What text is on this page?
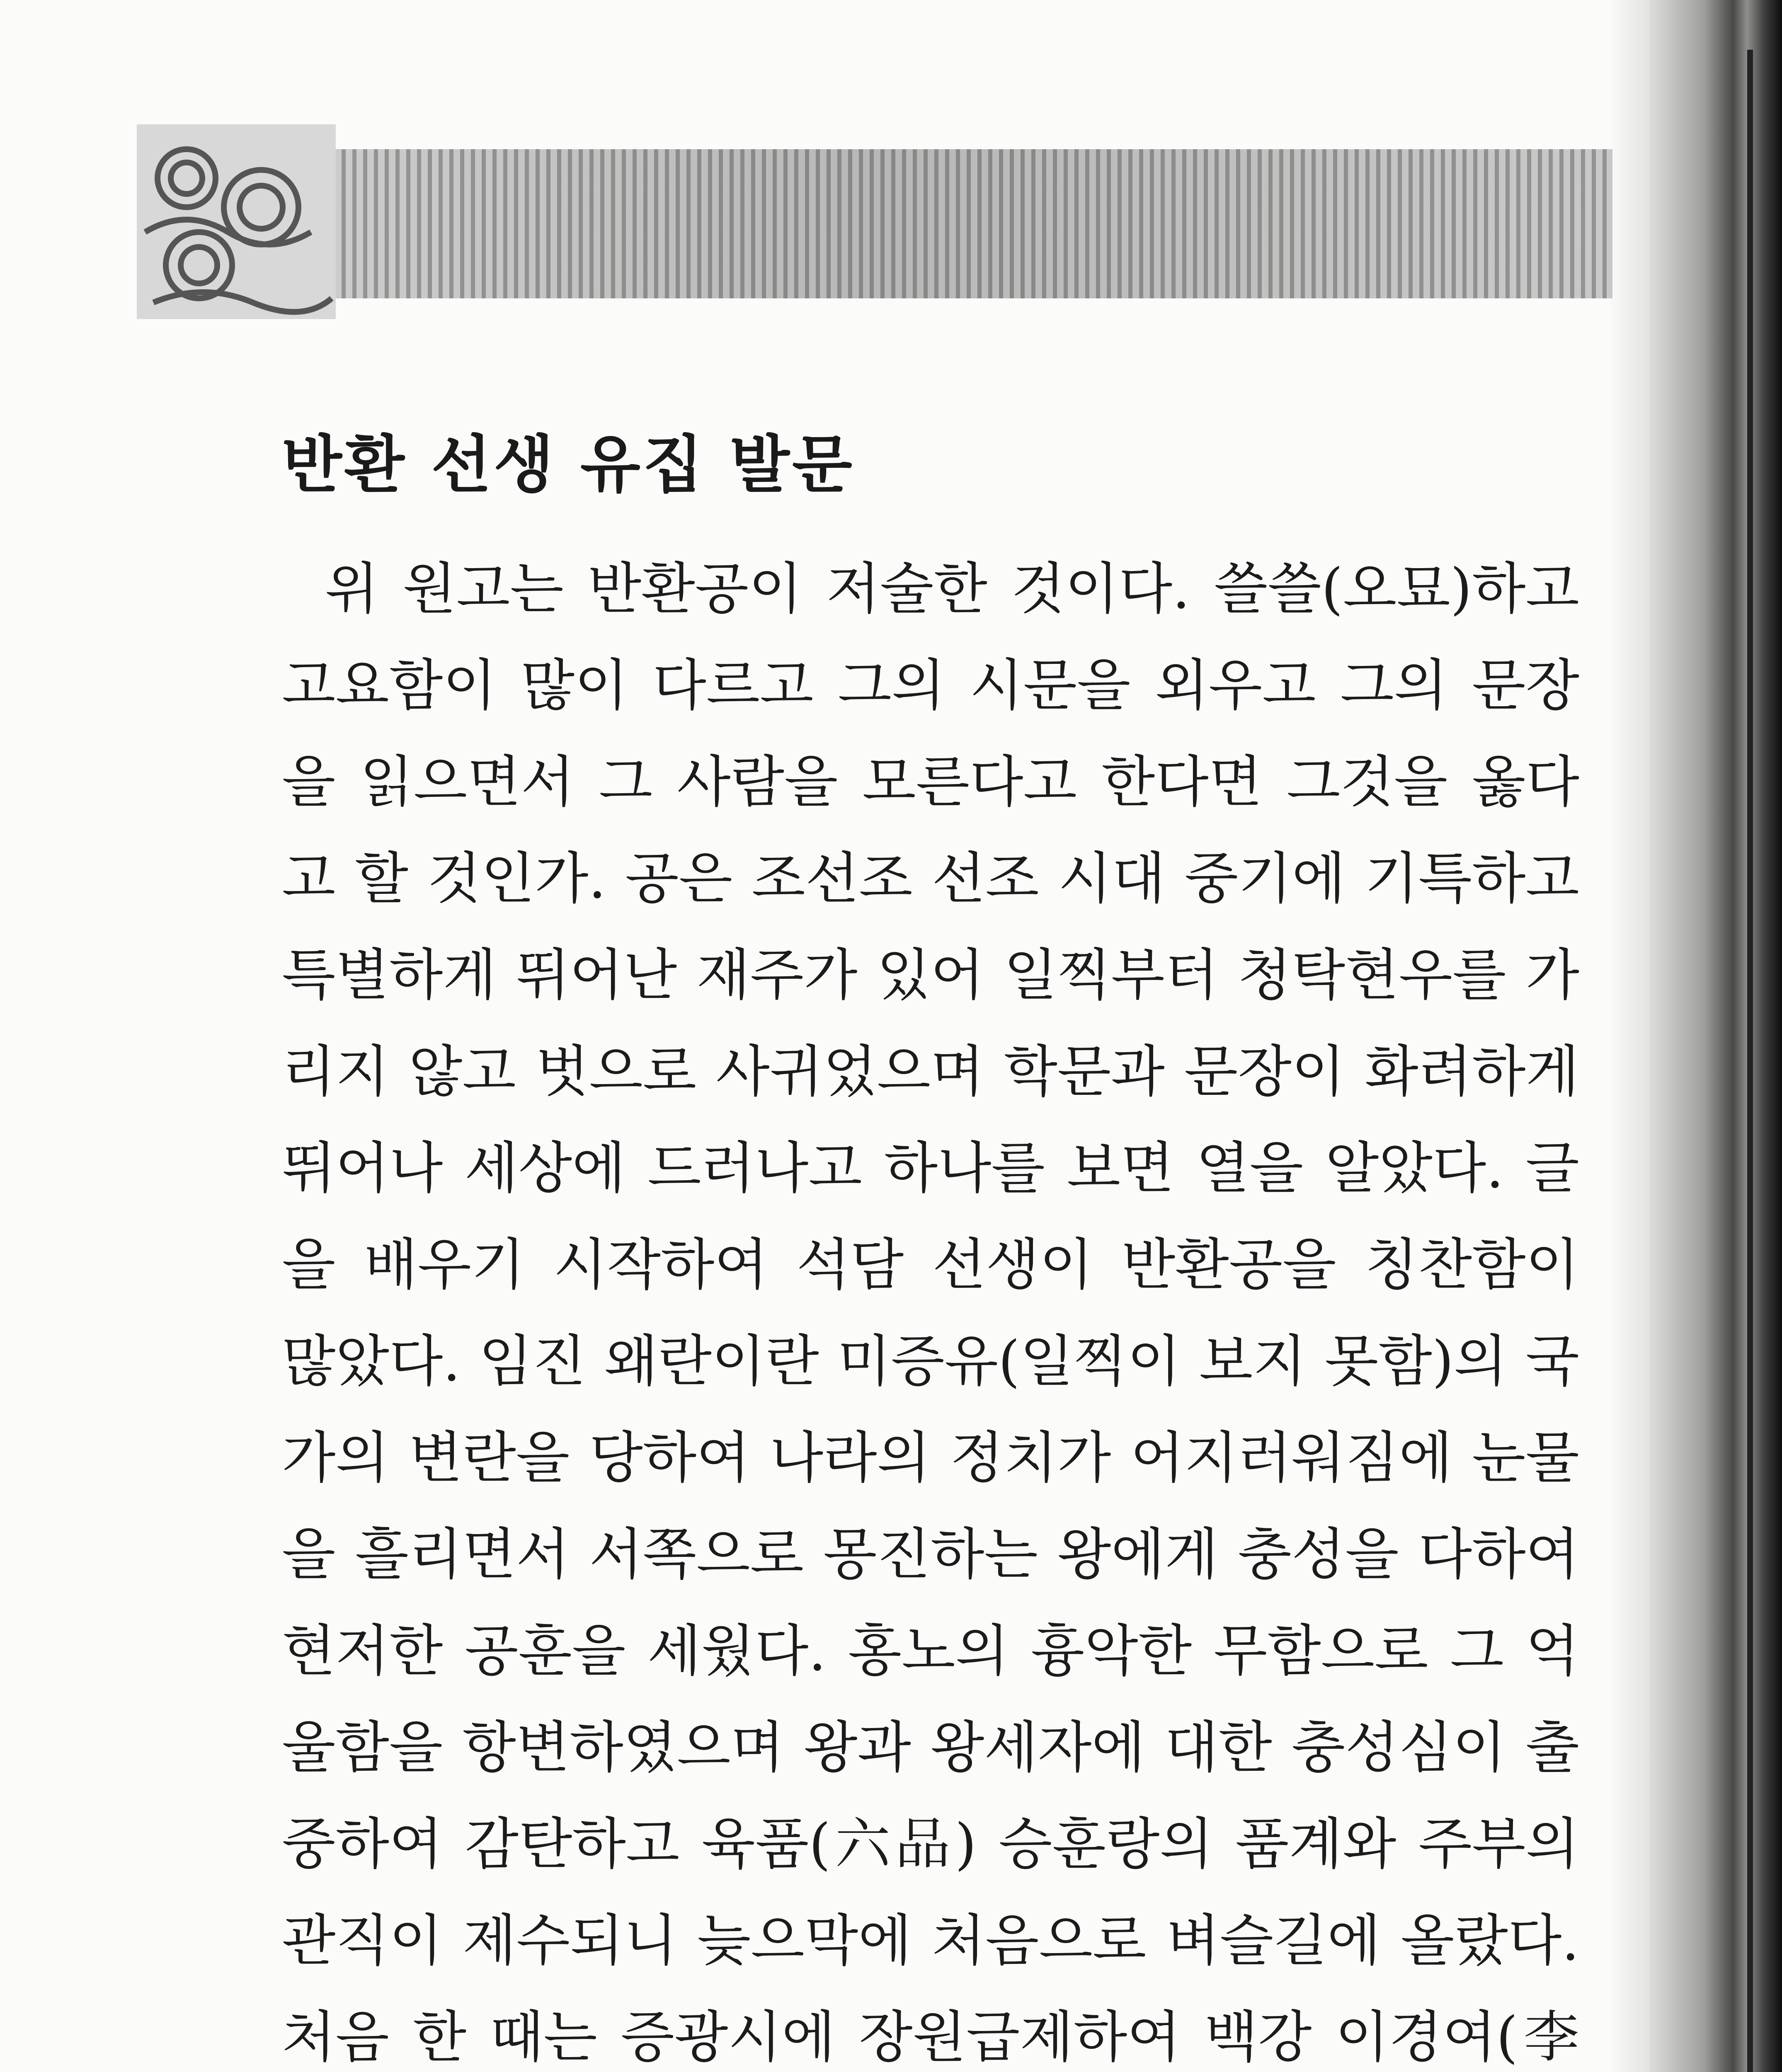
반환 선생 유집 발문

위 원고는 반환공이 저술한 것이다. 쓸쓸(오묘)하고 고요함이 많이 다르고 그의 시문을 외우고 그의 문장을 읽으면서 그 사람을 모른다고 한다면 그것을 옳다고 할 것인가. 공은 조선조 선조 시대 중기에 기특하고 특별하게 뛰어난 재주가 있어 일찍부터 청탁현우를 가리지 않고 벗으로 사귀었으며 학문과 문장이 화려하게 뛰어나 세상에 드러나고 하나를 보면 열을 알았다. 글을 배우기 시작하여 석담 선생이 반환공을 칭찬함이 많았다. 임진 왜란이란 미증유(일찍이 보지 못함)의 국가의 변란을 당하여 나라의 정치가 어지러워짐에 눈물을 흘리면서 서쪽으로 몽진하는 왕에게 충성을 다하여 현저한 공훈을 세웠다. 홍노의 흉악한 무함으로 그 억울함을 항변하였으며 왕과 왕세자에 대한 충성심이 출중하여 감탄하고 육품(六品) 승훈랑의 품계와 주부의 관직이 제수되니 늦으막에 처음으로 벼슬길에 올랐다. 처음 한 때는 증광시에 장원급제하여 백강 이경여(李
